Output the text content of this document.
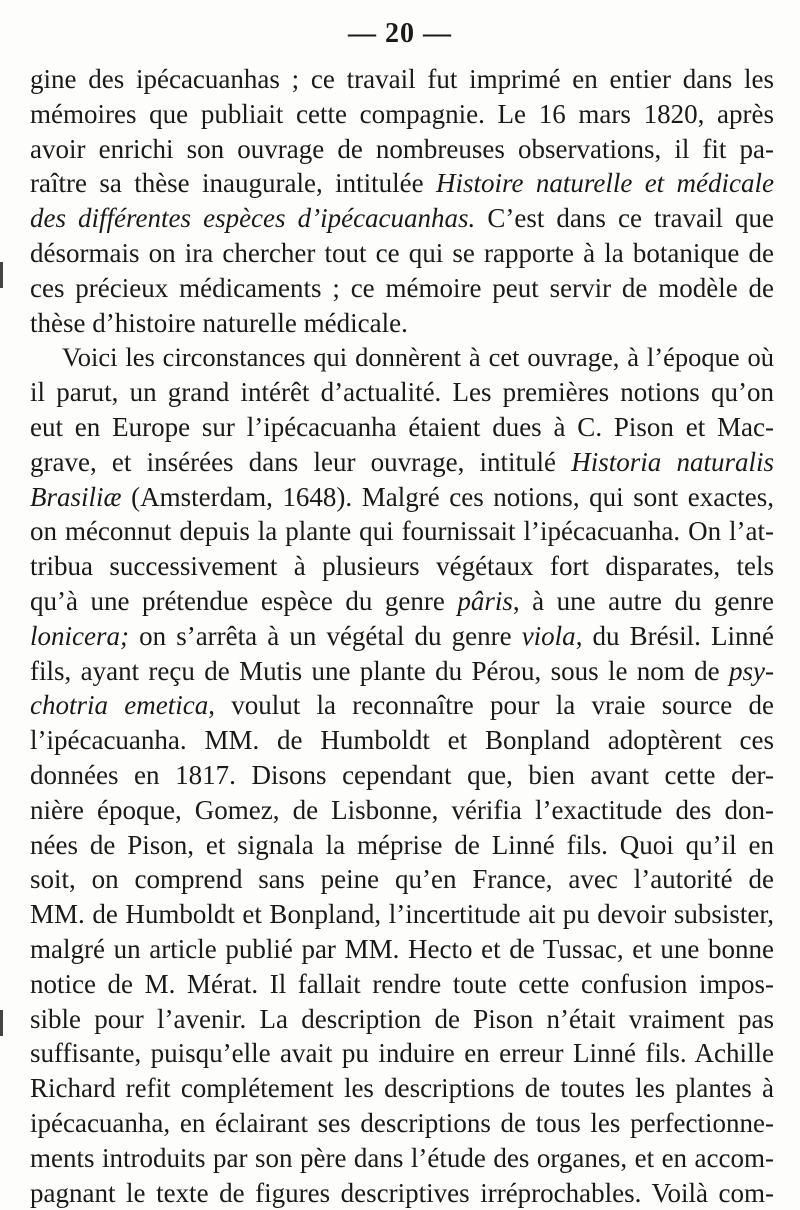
— 20 —
gine des ipécacuanhas ; ce travail fut imprimé en entier dans les
mémoires que publiait cette compagnie. Le 16 mars 1820, après
avoir enrichi son ouvrage de nombreuses observations, il fit pa-
raître sa thèse inaugurale, intitulée Histoire naturelle et médicale
des différentes espèces d’ipécacuanhas. C’est dans ce travail que
désormais on ira chercher tout ce qui se rapporte à la botanique de
ces précieux médicaments ; ce mémoire peut servir de modèle de
thèse d’histoire naturelle médicale.
Voici les circonstances qui donnèrent à cet ouvrage, à l’époque où
il parut, un grand intérêt d’actualité. Les premières notions qu’on
eut en Europe sur l’ipécacuanha étaient dues à C. Pison et Mac-
grave, et insérées dans leur ouvrage, intitulé Historia naturalis
Brasiliæ (Amsterdam, 1648). Malgré ces notions, qui sont exactes,
on méconnut depuis la plante qui fournissait l’ipécacuanha. On l’at-
tribua successivement à plusieurs végétaux fort disparates, tels
qu’à une prétendue espèce du genre pâris, à une autre du genre
lonicera; on s’arrêta à un végétal du genre viola, du Brésil. Linné
fils, ayant reçu de Mutis une plante du Pérou, sous le nom de psy-
chotria emetica, voulut la reconnaître pour la vraie source de
l’ipécacuanha. MM. de Humboldt et Bonpland adoptèrent ces
données en 1817. Disons cependant que, bien avant cette der-
nière époque, Gomez, de Lisbonne, vérifia l’exactitude des don-
nées de Pison, et signala la méprise de Linné fils. Quoi qu’il en
soit, on comprend sans peine qu’en France, avec l’autorité de
MM. de Humboldt et Bonpland, l’incertitude ait pu devoir subsister,
malgré un article publié par MM. Hecto et de Tussac, et une bonne
notice de M. Mérat. Il fallait rendre toute cette confusion impos-
sible pour l’avenir. La description de Pison n’était vraiment pas
suffisante, puisqu’elle avait pu induire en erreur Linné fils. Achille
Richard refit complétement les descriptions de toutes les plantes à
ipécacuanha, en éclairant ses descriptions de tous les perfectionne-
ments introduits par son père dans l’étude des organes, et en accom-
pagnant le texte de figures descriptives irréprochables. Voilà com-
